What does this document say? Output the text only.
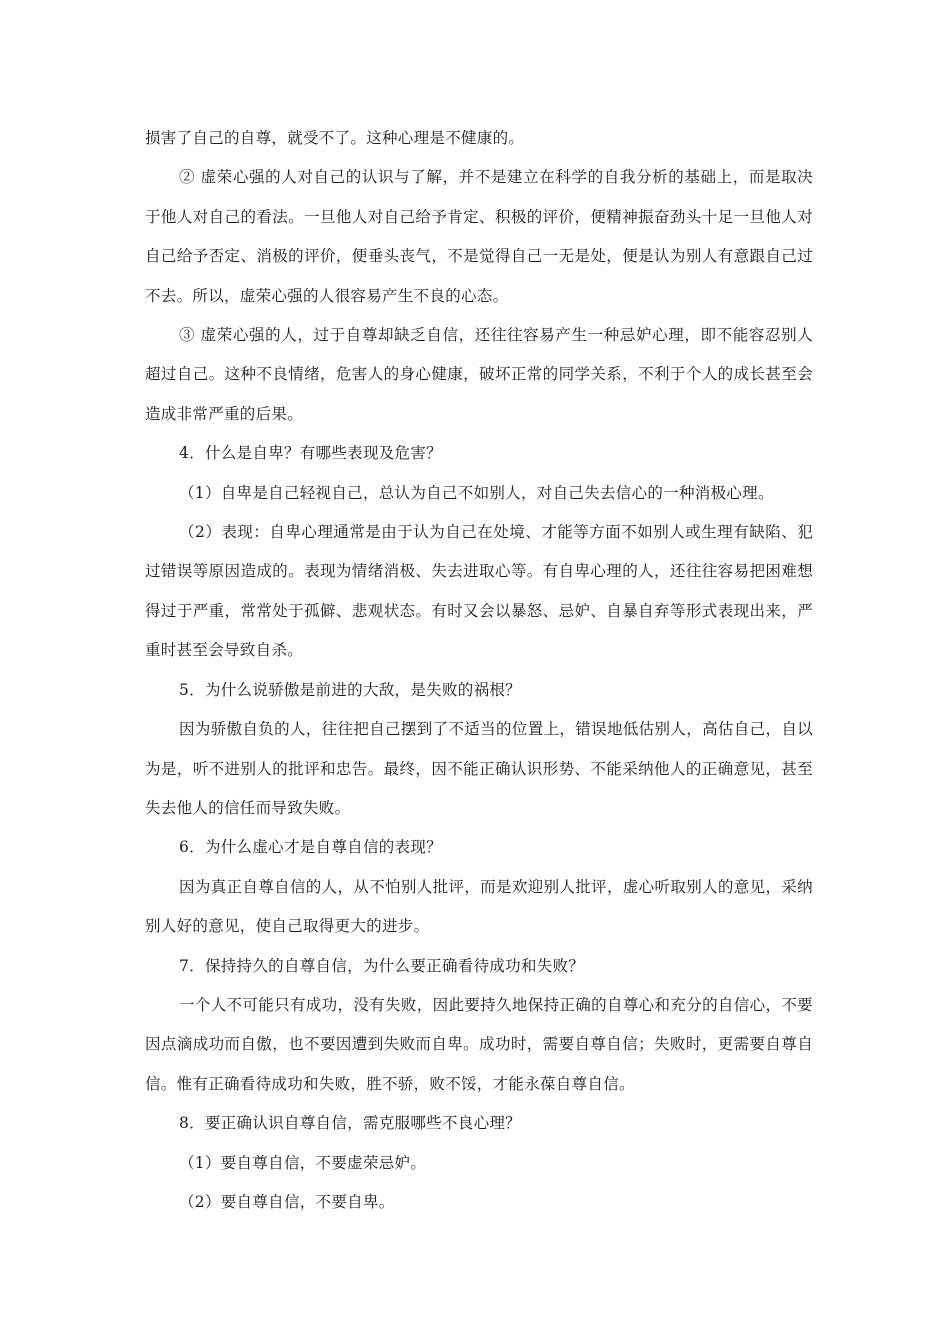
损害了自己的自尊，就受不了。这种心理是不健康的。

② 虚荣心强的人对自己的认识与了解，并不是建立在科学的自我分析的基础上，而是取决于他人对自己的看法。一旦他人对自己给予肯定、积极的评价，便精神振奋劲头十足一旦他人对自己给予否定、消极的评价，便垂头丧气，不是觉得自己一无是处，便是认为别人有意跟自己过不去。所以，虚荣心强的人很容易产生不良的心态。

③ 虚荣心强的人，过于自尊却缺乏自信，还往往容易产生一种忌妒心理，即不能容忍别人超过自己。这种不良情绪，危害人的身心健康，破坏正常的同学关系，不利于个人的成长甚至会造成非常严重的后果。

4．什么是自卑？有哪些表现及危害？

（1）自卑是自己轻视自己，总认为自己不如别人，对自己失去信心的一种消极心理。

（2）表现：自卑心理通常是由于认为自己在处境、才能等方面不如别人或生理有缺陷、犯过错误等原因造成的。表现为情绪消极、失去进取心等。有自卑心理的人，还往往容易把困难想得过于严重，常常处于孤僻、悲观状态。有时又会以暴怒、忌妒、自暴自弃等形式表现出来，严重时甚至会导致自杀。

5．为什么说骄傲是前进的大敌，是失败的祸根？

因为骄傲自负的人，往往把自己摆到了不适当的位置上，错误地低估别人，高估自己，自以为是，听不进别人的批评和忠告。最终，因不能正确认识形势、不能采纳他人的正确意见，甚至失去他人的信任而导致失败。

6．为什么虚心才是自尊自信的表现？

因为真正自尊自信的人，从不怕别人批评，而是欢迎别人批评，虚心听取别人的意见，采纳别人好的意见，使自己取得更大的进步。

7．保持持久的自尊自信，为什么要正确看待成功和失败？

一个人不可能只有成功，没有失败，因此要持久地保持正确的自尊心和充分的自信心，不要因点滴成功而自傲，也不要因遭到失败而自卑。成功时，需要自尊自信；失败时，更需要自尊自信。惟有正确看待成功和失败，胜不骄，败不馁，才能永葆自尊自信。

8．要正确认识自尊自信，需克服哪些不良心理？

（1）要自尊自信，不要虚荣忌妒。

（2）要自尊自信，不要自卑。
